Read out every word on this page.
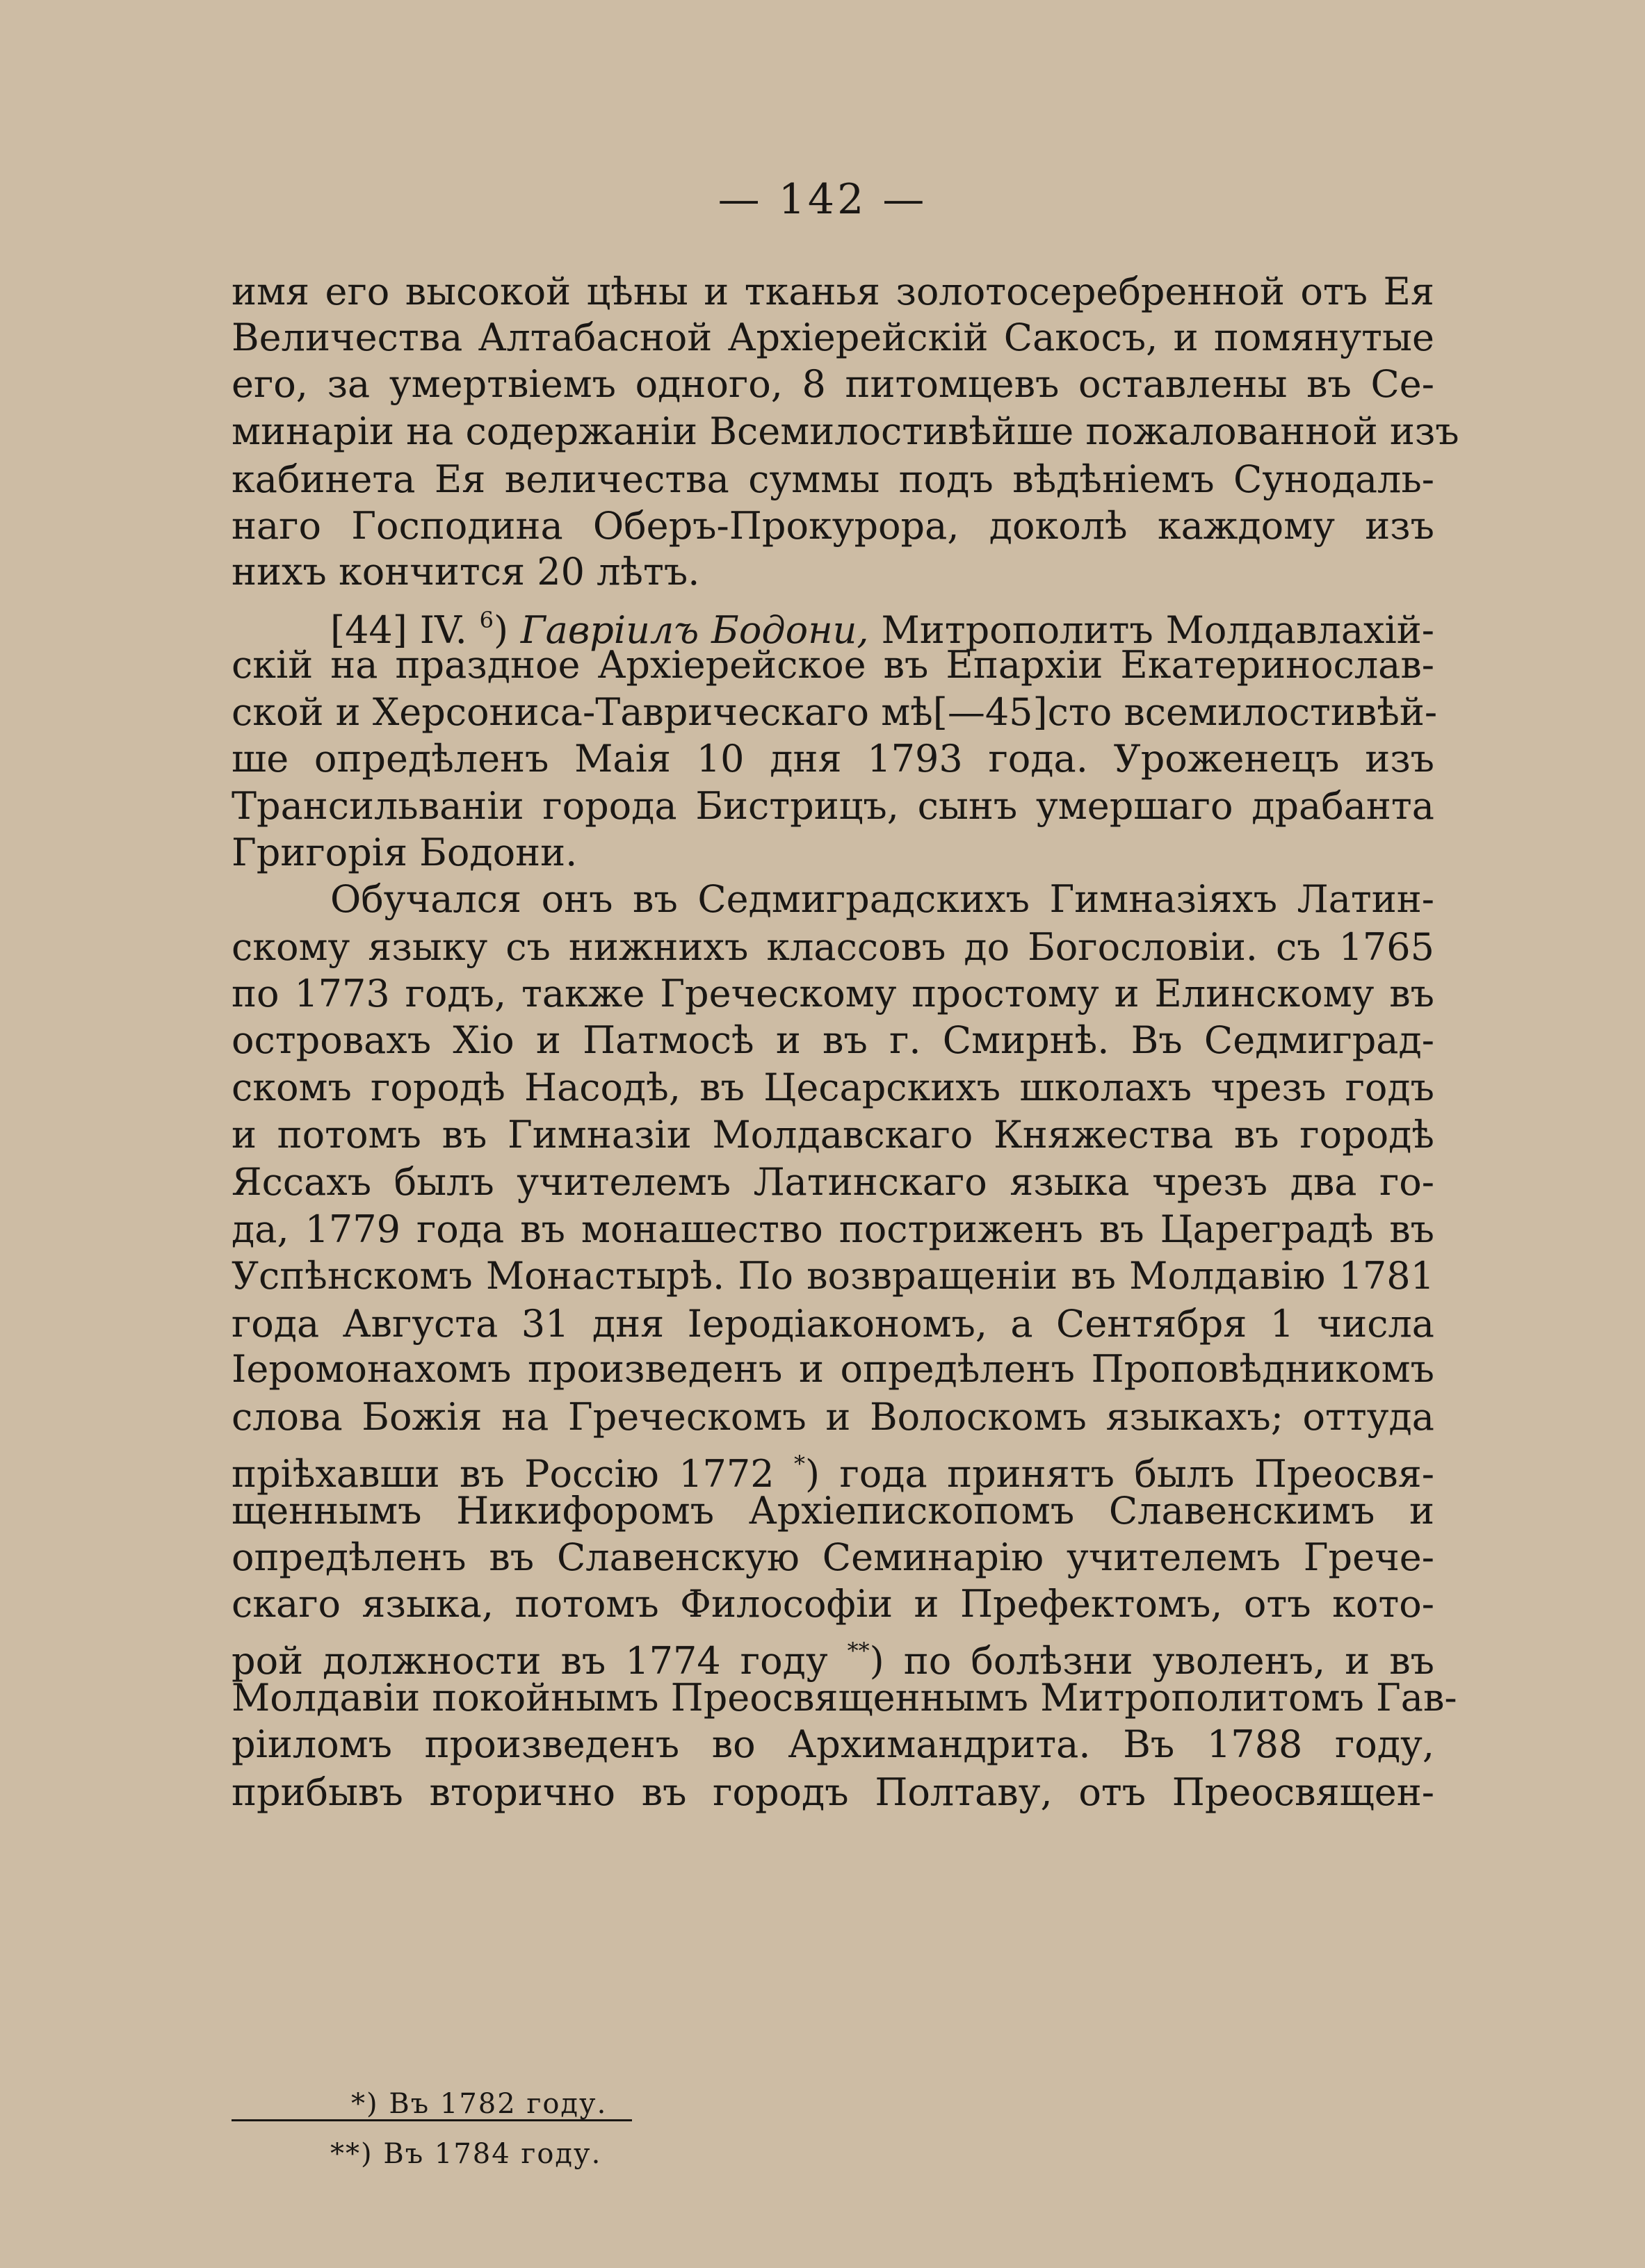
— 142 —
имя его высокой цѣны и тканья золотосеребренной отъ Ея
Величества Алтабасной Архіерейскій Сакосъ, и помянутые
его, за умертвіемъ одного, 8 питомцевъ оставлены въ Се-
минаріи на содержаніи Всемилостивѣйше пожалованной изъ
кабинета Ея величества суммы подъ вѣдѣніемъ Сунодаль-
наго Господина Оберъ-Прокурора, доколѣ каждому изъ
нихъ кончится 20 лѣтъ.
[44] IV. $^6$) Гавріилъ Бодони, Митрополитъ Молдавлахій-
скій на праздное Архіерейское въ Епархіи Екатеринослав-
ской и Херсониса-Таврическаго мѣ[—45]сто всемилостивѣй-
ше опредѣленъ Маія 10 дня 1793 года. Уроженецъ изъ
Трансильваніи города Бистрицъ, сынъ умершаго драбанта
Григорія Бодони.
Обучался онъ въ Седмиградскихъ Гимназіяхъ Латин-
скому языку съ нижнихъ классовъ до Богословіи. съ 1765
по 1773 годъ, также Греческому простому и Елинскому въ
островахъ Хіо и Патмосѣ и въ г. Смирнѣ. Въ Седмиград-
скомъ городѣ Насодѣ, въ Цесарскихъ школахъ чрезъ годъ
и потомъ въ Гимназіи Молдавскаго Княжества въ городѣ
Яссахъ былъ учителемъ Латинскаго языка чрезъ два го-
да, 1779 года въ монашество постриженъ въ Цареградѣ въ
Успѣнскомъ Монастырѣ. По возвращеніи въ Молдавію 1781
года Августа 31 дня Іеродіакономъ, а Сентября 1 числа
Іеромонахомъ произведенъ и опредѣленъ Проповѣдникомъ
слова Божія на Греческомъ и Волоскомъ языкахъ; оттуда
пріѣхавши въ Россію 1772 *) года принятъ былъ Преосвя-
щеннымъ Никифоромъ Архіепископомъ Славенскимъ и
опредѣленъ въ Славенскую Семинарію учителемъ Грече-
скаго языка, потомъ Философіи и Префектомъ, отъ кото-
рой должности въ 1774 году **) по болѣзни уволенъ, и въ
Молдавіи покойнымъ Преосвященнымъ Митрополитомъ Гав-
ріиломъ произведенъ во Архимандрита. Въ 1788 году,
прибывъ вторично въ городъ Полтаву, отъ Преосвящен-
*) Въ 1782 году.
**) Въ 1784 году.
